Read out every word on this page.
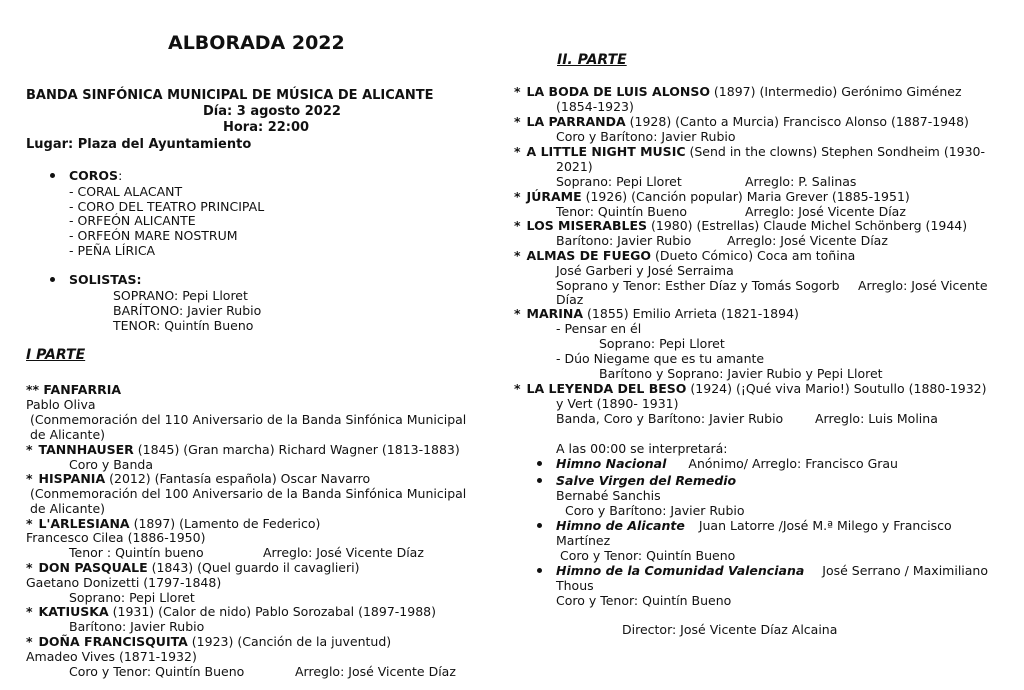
ALBORADA 2022
BANDA SINFÓNICA MUNICIPAL DE MÚSICA DE ALICANTE
Día: 3 agosto 2022
Hora: 22:00
Lugar: Plaza del Ayuntamiento
COROS:
- CORAL ALACANT
- CORO DEL TEATRO PRINCIPAL
- ORFEÓN ALICANTE
- ORFEÓN MARE NOSTRUM
- PEÑA LÍRICA
SOLISTAS:
SOPRANO: Pepi Lloret
BARÍTONO: Javier Rubio
TENOR: Quintín Bueno
I PARTE
** FANFARRIA
Pablo Oliva
(Conmemoración del 110 Aniversario de la Banda Sinfónica Municipal
de Alicante)
* TANNHAUSER (1845) (Gran marcha) Richard Wagner (1813-1883)
Coro y Banda
* HISPANIA (2012) (Fantasía española) Oscar Navarro
(Conmemoración del 100 Aniversario de la Banda Sinfónica Municipal
de Alicante)
* L'ARLESIANA (1897) (Lamento de Federico)
Francesco Cilea (1886-1950)
Tenor : Quintín bueno	Arreglo: José Vicente Díaz
* DON PASQUALE (1843) (Quel guardo il cavaglieri)
Gaetano Donizetti (1797-1848)
Soprano: Pepi Lloret
* KATIUSKA (1931) (Calor de nido) Pablo Sorozabal (1897-1988)
Barítono: Javier Rubio
* DOÑA FRANCISQUITA (1923) (Canción de la juventud)
Amadeo Vives (1871-1932)
Coro y Tenor: Quintín Bueno	Arreglo: José Vicente Díaz
II. PARTE
* LA BODA DE LUIS ALONSO (1897) (Intermedio) Gerónimo Giménez
(1854-1923)
* LA PARRANDA (1928) (Canto a Murcia) Francisco Alonso (1887-1948)
Coro y Barítono: Javier Rubio
* A LITTLE NIGHT MUSIC (Send in the clowns) Stephen Sondheim (1930-
2021)
Soprano: Pepi Lloret	Arreglo: P. Salinas
* JÚRAME (1926) (Canción popular) Maria Grever (1885-1951)
Tenor: Quintín Bueno	Arreglo: José Vicente Díaz
* LOS MISERABLES (1980) (Estrellas) Claude Michel Schönberg (1944)
Barítono: Javier Rubio	Arreglo: José Vicente Díaz
* ALMAS DE FUEGO (Dueto Cómico) Coca am toñina
José Garberi y José Serraima
Soprano y Tenor: Esther Díaz y Tomás Sogorb Arreglo: José Vicente
Díaz
* MARINA (1855) Emilio Arrieta (1821-1894)
- Pensar en él
Soprano: Pepi Lloret
- Dúo Niegame que es tu amante
Barítono y Soprano: Javier Rubio y Pepi Lloret
* LA LEYENDA DEL BESO (1924) (¡Qué viva Mario!) Soutullo (1880-1932)
y Vert (1890- 1931)
Banda, Coro y Barítono: Javier Rubio	Arreglo: Luis Molina
A las 00:00 se interpretará:
Himno Nacional Anónimo/ Arreglo: Francisco Grau
Salve Virgen del Remedio
Bernabé Sanchis
Coro y Barítono: Javier Rubio
Himno de Alicante Juan Latorre /José M.ª Milego y Francisco
Martínez
Coro y Tenor: Quintín Bueno
Himno de la Comunidad Valenciana José Serrano / Maximiliano
Thous
Coro y Tenor: Quintín Bueno
Director: José Vicente Díaz Alcaina
